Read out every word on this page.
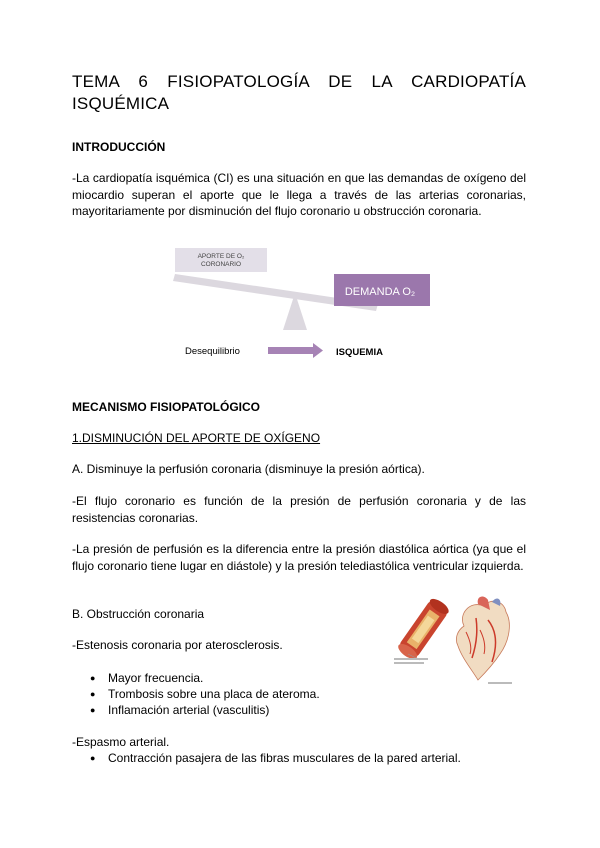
TEMA 6 FISIOPATOLOGÍA DE LA CARDIOPATÍA
ISQUÉMICA
INTRODUCCIÓN
-La cardiopatía isquémica (CI) es una situación en que las demandas de oxígeno del miocardio superan el aporte que le llega a través de las arterias coronarias, mayoritariamente por disminución del flujo coronario u obstrucción coronaria.
APORTE DE O₂
CORONARIO
DEMANDA O₂
Desequilibrio	ISQUEMIA
MECANISMO FISIOPATOLÓGICO
1.DISMINUCIÓN DEL APORTE DE OXÍGENO
A. Disminuye la perfusión coronaria (disminuye la presión aórtica).
-El flujo coronario es función de la presión de perfusión coronaria y de las resistencias coronarias.
-La presión de perfusión es la diferencia entre la presión diastólica aórtica (ya que el flujo coronario tiene lugar en diástole) y la presión telediastólica ventricular izquierda.
B. Obstrucción coronaria
-Estenosis coronaria por aterosclerosis.
● Mayor frecuencia.
● Trombosis sobre una placa de ateroma.
● Inflamación arterial (vasculitis)
-Espasmo arterial.
● Contracción pasajera de las fibras musculares de la pared arterial.
